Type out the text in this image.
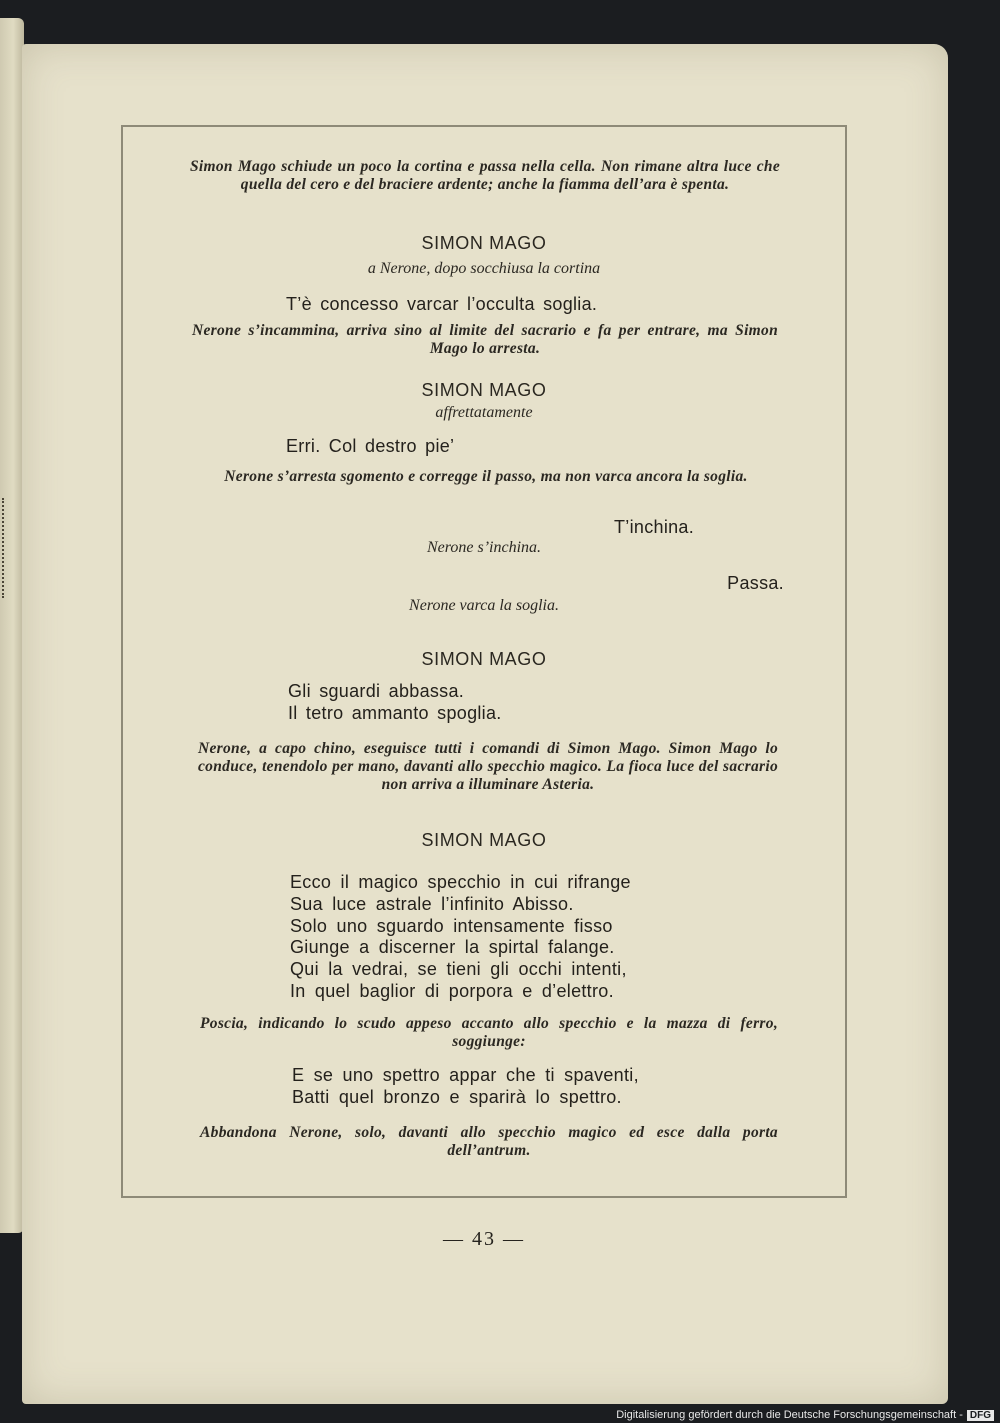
Simon Mago schiude un poco la cortina e passa nella cella. Non rimane altra luce che quella del cero e del braciere ardente; anche la fiamma dell’ara è spenta.

SIMON MAGO
a Nerone, dopo socchiusa la cortina
T’è concesso varcar l’occulta soglia.

Nerone s’incammina, arriva sino al limite del sacrario e fa per entrare, ma Simon Mago lo arresta.

SIMON MAGO
affrettatamente
Erri. Col destro pie’

Nerone s’arresta sgomento e corregge il passo, ma non varca ancora la soglia.

T’inchina.
Nerone s’inchina.
Passa.
Nerone varca la soglia.
SIMON MAGO
Gli sguardi abbassa.
Il tetro ammanto spoglia.

Nerone, a capo chino, eseguisce tutti i comandi di Simon Mago. Simon Mago lo conduce, tenendolo per mano, davanti allo specchio magico. La fioca luce del sacrario non arriva a illuminare Asteria.

SIMON MAGO
Ecco il magico specchio in cui rifrange
Sua luce astrale l’infinito Abisso.
Solo uno sguardo intensamente fisso
Giunge a discerner la spirtal falange.
Qui la vedrai, se tieni gli occhi intenti,
In quel baglior di porpora e d’elettro.

Poscia, indicando lo scudo appeso accanto allo specchio e la mazza di ferro, soggiunge:

E se uno spettro appar che ti spaventi,
Batti quel bronzo e sparirà lo spettro.

Abbandona Nerone, solo, davanti allo specchio magico ed esce dalla porta dell’antrum.

— 43 —
Digitalisierung gefördert durch die Deutsche Forschungsgemeinschaft - DFG
